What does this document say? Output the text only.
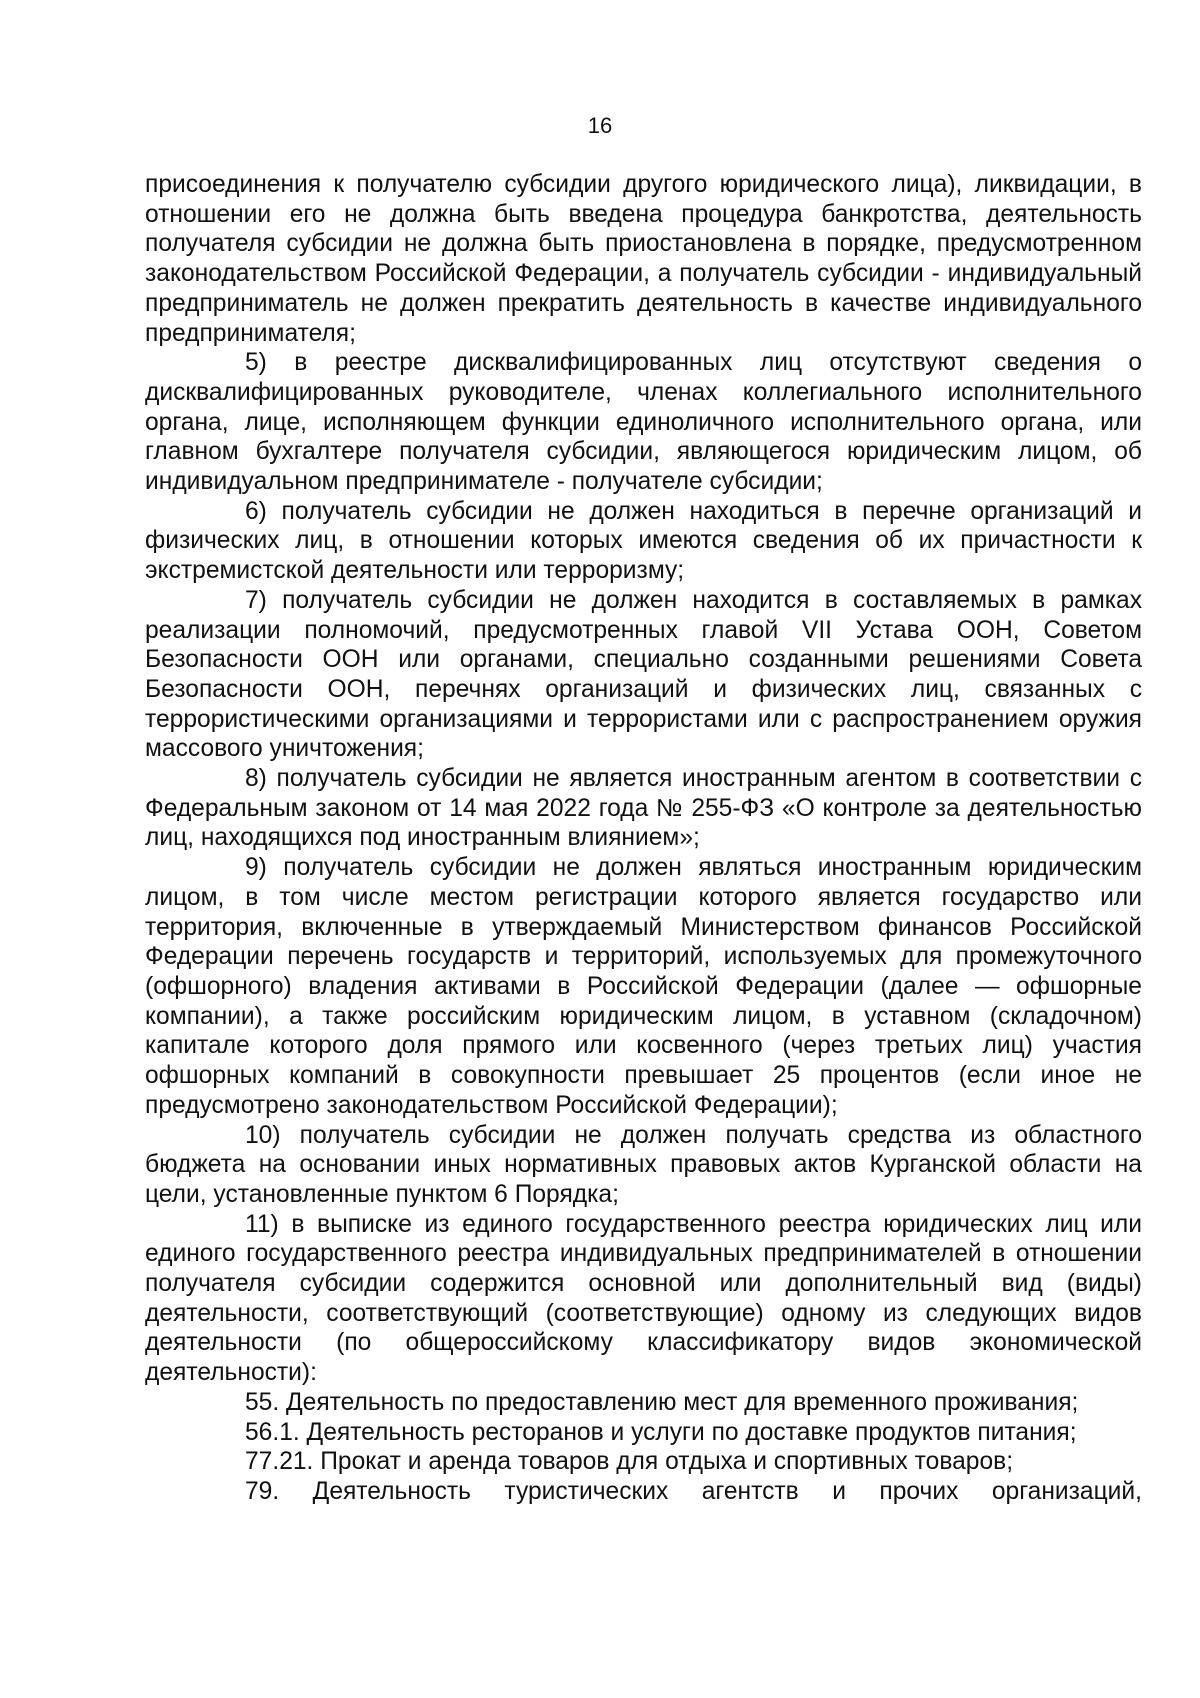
16

присоединения к получателю субсидии другого юридического лица), ликвидации, в отношении его не должна быть введена процедура банкротства, деятельность получателя субсидии не должна быть приостановлена в порядке, предусмотренном законодательством Российской Федерации, а получатель субсидии - индивидуальный предприниматель не должен прекратить деятельность в качестве индивидуального предпринимателя;

5) в реестре дисквалифицированных лиц отсутствуют сведения о дисквалифицированных руководителе, членах коллегиального исполнительного органа, лице, исполняющем функции единоличного исполнительного органа, или главном бухгалтере получателя субсидии, являющегося юридическим лицом, об индивидуальном предпринимателе - получателе субсидии;

6) получатель субсидии не должен находиться в перечне организаций и физических лиц, в отношении которых имеются сведения об их причастности к экстремистской деятельности или терроризму;

7) получатель субсидии не должен находится в составляемых в рамках реализации полномочий, предусмотренных главой VII Устава ООН, Советом Безопасности ООН или органами, специально созданными решениями Совета Безопасности ООН, перечнях организаций и физических лиц, связанных с террористическими организациями и террористами или с распространением оружия массового уничтожения;

8) получатель субсидии не является иностранным агентом в соответствии с Федеральным законом от 14 мая 2022 года № 255-ФЗ «О контроле за деятельностью лиц, находящихся под иностранным влиянием»;

9) получатель субсидии не должен являться иностранным юридическим лицом, в том числе местом регистрации которого является государство или территория, включенные в утверждаемый Министерством финансов Российской Федерации перечень государств и территорий, используемых для промежуточного (офшорного) владения активами в Российской Федерации (далее — офшорные компании), а также российским юридическим лицом, в уставном (складочном) капитале которого доля прямого или косвенного (через третьих лиц) участия офшорных компаний в совокупности превышает 25 процентов (если иное не предусмотрено законодательством Российской Федерации);

10) получатель субсидии не должен получать средства из областного бюджета на основании иных нормативных правовых актов Курганской области на цели, установленные пунктом 6 Порядка;

11) в выписке из единого государственного реестра юридических лиц или единого государственного реестра индивидуальных предпринимателей в отношении получателя субсидии содержится основной или дополнительный вид (виды) деятельности, соответствующий (соответствующие) одному из следующих видов деятельности (по общероссийскому классификатору видов экономической деятельности):

55. Деятельность по предоставлению мест для временного проживания;

56.1. Деятельность ресторанов и услуги по доставке продуктов питания;

77.21. Прокат и аренда товаров для отдыха и спортивных товаров;

79. Деятельность туристических агентств и прочих организаций,
